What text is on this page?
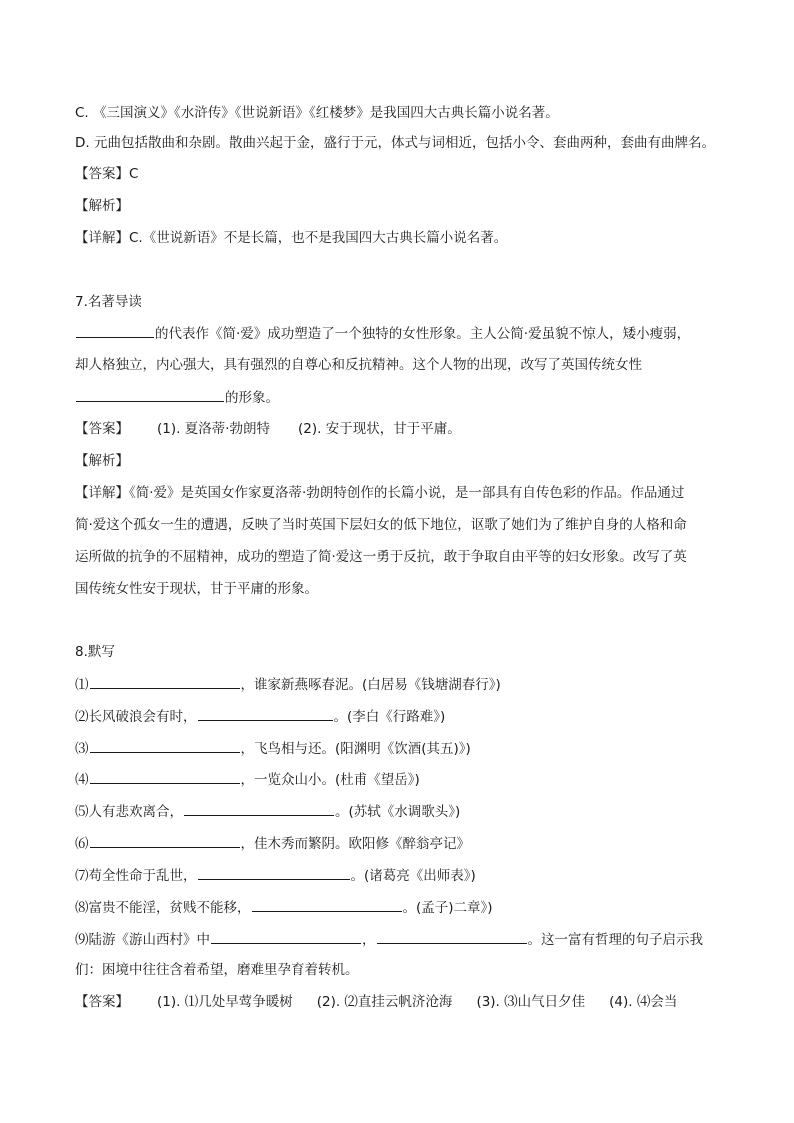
C. 《三国演义》《水浒传》《世说新语》《红楼梦》是我国四大古典长篇小说名著。
D. 元曲包括散曲和杂剧。散曲兴起于金，盛行于元，体式与词相近，包括小令、套曲两种，套曲有曲牌名。
【答案】C
【解析】
【详解】C.《世说新语》不是长篇，也不是我国四大古典长篇小说名著。
7.名著导读
的代表作《简·爱》成功塑造了一个独特的女性形象。主人公简·爱虽貌不惊人，矮小瘦弱，
却人格独立，内心强大，具有强烈的自尊心和反抗精神。这个人物的出现，改写了英国传统女性
的形象。
【答案】 (1). 夏洛蒂·勃朗特 (2). 安于现状，甘于平庸。
【解析】
【详解】《简·爱》是英国女作家夏洛蒂·勃朗特创作的长篇小说，是一部具有自传色彩的作品。作品通过
简·爱这个孤女一生的遭遇，反映了当时英国下层妇女的低下地位，讴歌了她们为了维护自身的人格和命
运所做的抗争的不屈精神，成功的塑造了简·爱这一勇于反抗，敢于争取自由平等的妇女形象。改写了英
国传统女性安于现状，甘于平庸的形象。
8.默写
⑴	，谁家新燕啄春泥。(白居易《钱塘湖春行》)
⑵长风破浪会有时，	。(李白《行路难》)
⑶	，飞鸟相与还。(阳渊明《饮酒(其五)》)
⑷	，一览众山小。(杜甫《望岳》)
⑸人有悲欢离合，	。(苏轼《水调歌头》)
⑹	，佳木秀而繁阴。欧阳修《醉翁亭记》
⑺苟全性命于乱世，	。(诸葛亮《出师表》)
⑻富贵不能淫，贫贱不能移，	。(孟子)二章》)
⑼陆游《游山西村》中	，	。这一富有哲理的句子启示我
们：困境中往往含着希望，磨难里孕育着转机。
【答案】 (1). ⑴几处早莺争暖树 (2). ⑵直挂云帆济沧海 (3). ⑶山气日夕佳 (4). ⑷会当
